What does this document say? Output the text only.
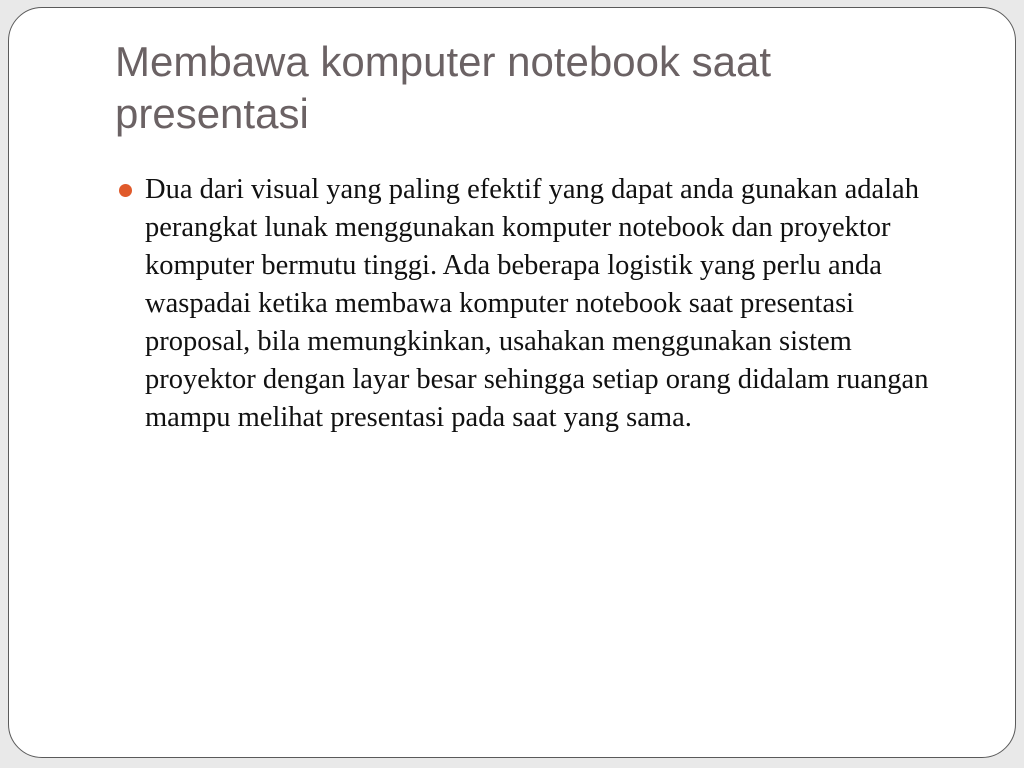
Membawa komputer notebook saat presentasi
Dua dari visual yang paling efektif yang dapat anda gunakan adalah perangkat lunak menggunakan komputer notebook dan proyektor komputer bermutu tinggi. Ada beberapa logistik yang perlu anda waspadai ketika membawa komputer notebook saat presentasi proposal, bila memungkinkan, usahakan menggunakan sistem proyektor dengan layar besar sehingga setiap orang didalam ruangan mampu melihat presentasi pada saat yang sama.
